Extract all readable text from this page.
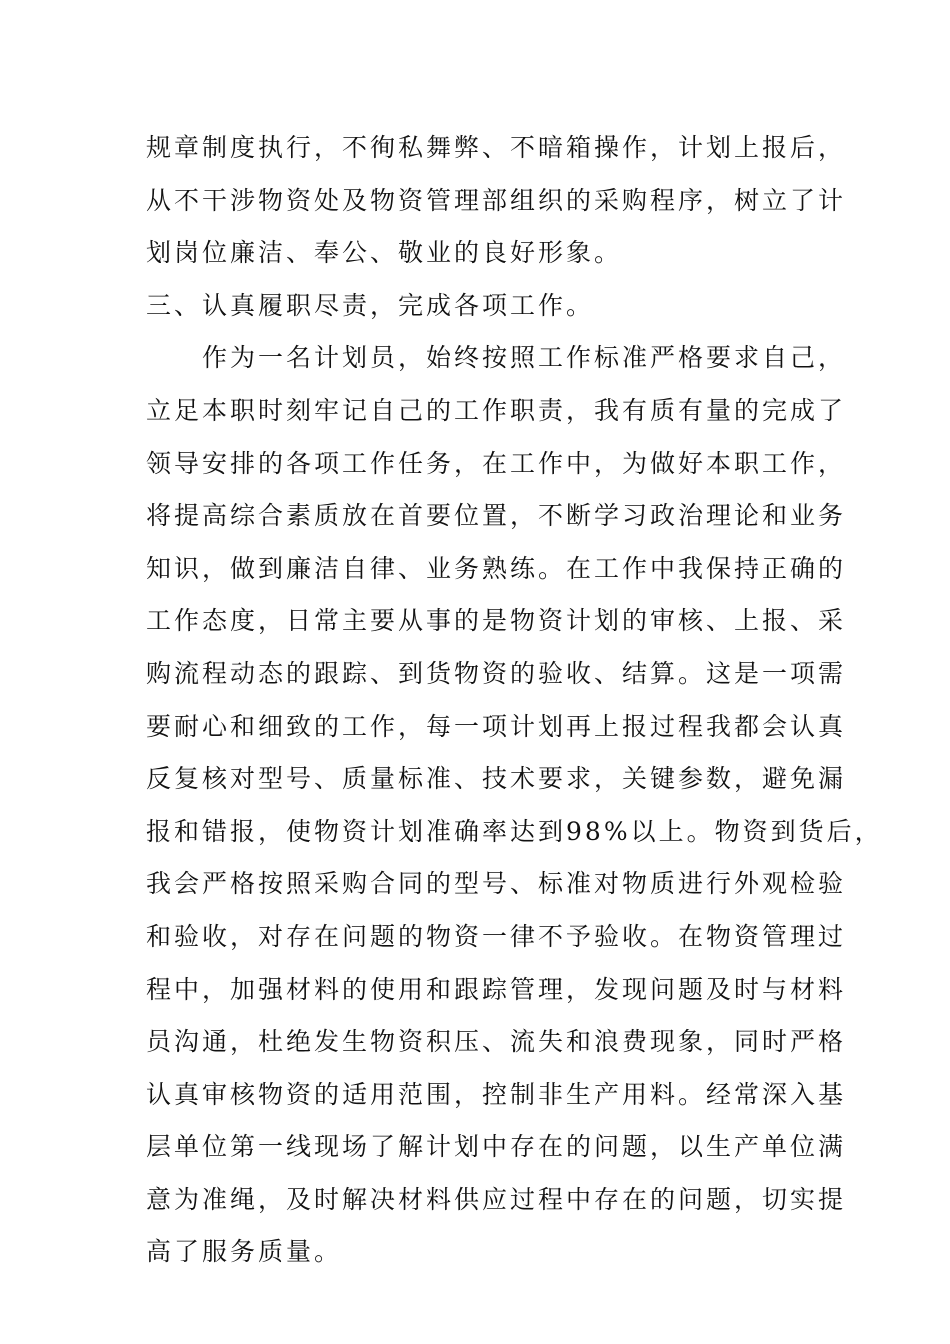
规章制度执行，不徇私舞弊、不暗箱操作，计划上报后，
从不干涉物资处及物资管理部组织的采购程序，树立了计
划岗位廉洁、奉公、敬业的良好形象。
三、认真履职尽责，完成各项工作。
　　作为一名计划员，始终按照工作标准严格要求自己，
立足本职时刻牢记自己的工作职责，我有质有量的完成了
领导安排的各项工作任务，在工作中，为做好本职工作，
将提高综合素质放在首要位置，不断学习政治理论和业务
知识，做到廉洁自律、业务熟练。在工作中我保持正确的
工作态度，日常主要从事的是物资计划的审核、上报、采
购流程动态的跟踪、到货物资的验收、结算。这是一项需
要耐心和细致的工作，每一项计划再上报过程我都会认真
反复核对型号、质量标准、技术要求，关键参数，避免漏
报和错报，使物资计划准确率达到98%以上。物资到货后，
我会严格按照采购合同的型号、标准对物质进行外观检验
和验收，对存在问题的物资一律不予验收。在物资管理过
程中，加强材料的使用和跟踪管理，发现问题及时与材料
员沟通，杜绝发生物资积压、流失和浪费现象，同时严格
认真审核物资的适用范围，控制非生产用料。经常深入基
层单位第一线现场了解计划中存在的问题，以生产单位满
意为准绳，及时解决材料供应过程中存在的问题，切实提
高了服务质量。
